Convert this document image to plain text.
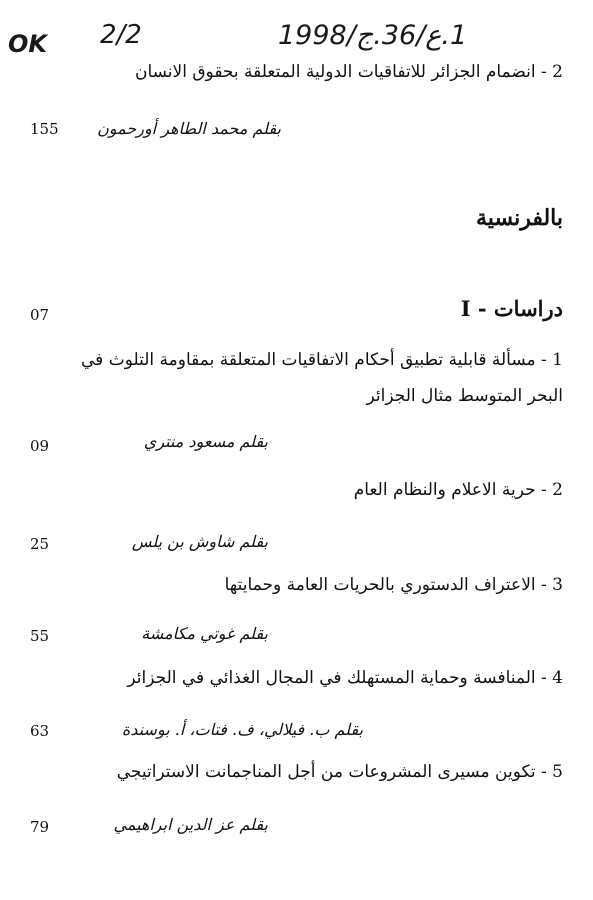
OK 2/2	1.ع/36.ج/1998
2 - انضمام الجزائر للاتفاقيات الدولية المتعلقة بحقوق الانسان
بقلم محمد الطاهر أورحمون
155
بالفرنسية
I - دراسات
07
1 - مسألة قابلية تطبيق أحكام الاتفاقيات المتعلقة بمقاومة التلوث في
البحر المتوسط مثال الجزائر
بقلم مسعود منتري
09
2 - حرية الاعلام والنظام العام
بقلم شاوش بن يلس
25
3 - الاعتراف الدستوري بالحريات العامة وحمايتها
بقلم غوتي مكامشة
55
4 - المنافسة وحماية المستهلك في المجال الغذائي في الجزائر
بقلم ب. فيلالي، ف. فتات، أ. بوسندة
63
5 - تكوين مسيرى المشروعات من أجل المناجمانت الاستراتيجي
بقلم عز الدين ابراهيمي
79
